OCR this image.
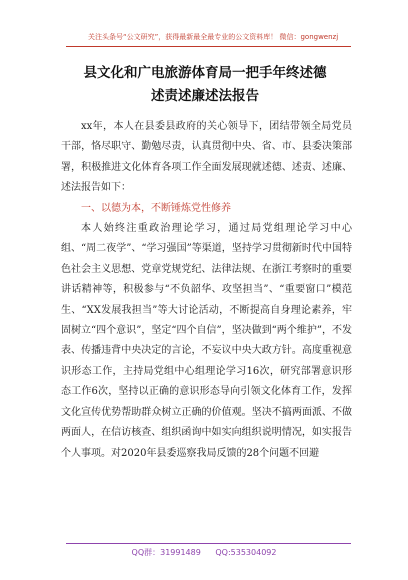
关注头条号“公文研究”，获得最新最全最专业的公文资料库！ 微信：gongwenzj
县文化和广电旅游体育局一把手年终述德
述责述廉述法报告

xx年，本人在县委县政府的关心领导下，团结带领全局党员干部，恪尽职守、勤勉尽责，认真贯彻中央、省、市、县委决策部署，积极推进文化体育各项工作全面发展现就述德、述责、述廉、述法报告如下：

一、以德为本，不断锤炼党性修养

本人始终注重政治理论学习，通过局党组理论学习中心组、“周二夜学”、“学习强国”等渠道，坚持学习贯彻新时代中国特色社会主义思想、党章党规党纪、法律法规、在浙江考察时的重要讲话精神等，积极参与“不负韶华、攻坚担当”、“重要窗口”模范生、“XX发展我担当”等大讨论活动，不断提高自身理论素养，牢固树立“四个意识”，坚定“四个自信”，坚决做到“两个维护”，不发表、传播违背中央决定的言论，不妄议中央大政方针。高度重视意识形态工作，主持局党组中心组理论学习16次，研究部署意识形态工作6次，坚持以正确的意识形态导向引领文化体育工作，发挥文化宣传优势帮助群众树立正确的价值观。坚决不搞两面派、不做两面人，在信访核查、组织函询中如实向组织说明情况，如实报告个人事项。对2020年县委巡察我局反馈的28个问题不回避

QQ群：31991489 QQ:535304092
